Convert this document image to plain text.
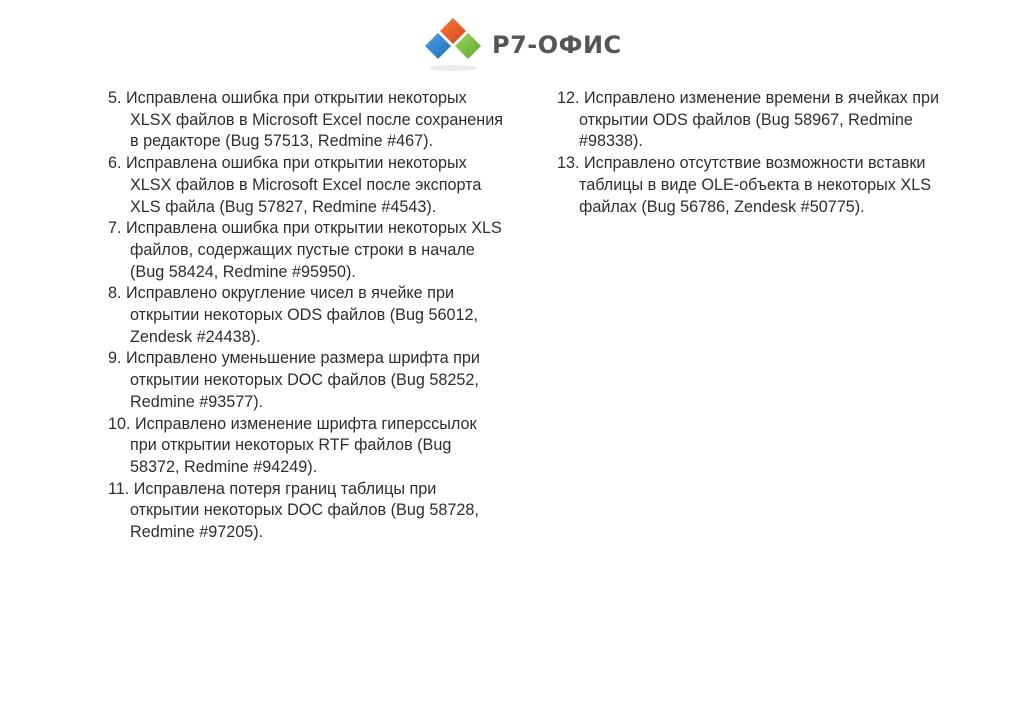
Р7-ОФИС

5. Исправлена ошибка при открытии некоторых XLSX файлов в Microsoft Excel после сохранения в редакторе (Bug 57513, Redmine #467).

6. Исправлена ошибка при открытии некоторых XLSX файлов в Microsoft Excel после экспорта XLS файла (Bug 57827, Redmine #4543).

7. Исправлена ошибка при открытии некоторых XLS файлов, содержащих пустые строки в начале (Bug 58424, Redmine #95950).

8. Исправлено округление чисел в ячейке при открытии некоторых ODS файлов (Bug 56012, Zendesk #24438).

9. Исправлено уменьшение размера шрифта при открытии некоторых DOC файлов (Bug 58252, Redmine #93577).

10. Исправлено изменение шрифта гиперссылок при открытии некоторых RTF файлов (Bug 58372, Redmine #94249).

11. Исправлена потеря границ таблицы при открытии некоторых DOC файлов (Bug 58728, Redmine #97205).

12. Исправлено изменение времени в ячейках при открытии ODS файлов (Bug 58967, Redmine #98338).

13. Исправлено отсутствие возможности вставки таблицы в виде OLE-объекта в некоторых XLS файлах (Bug 56786, Zendesk #50775).
